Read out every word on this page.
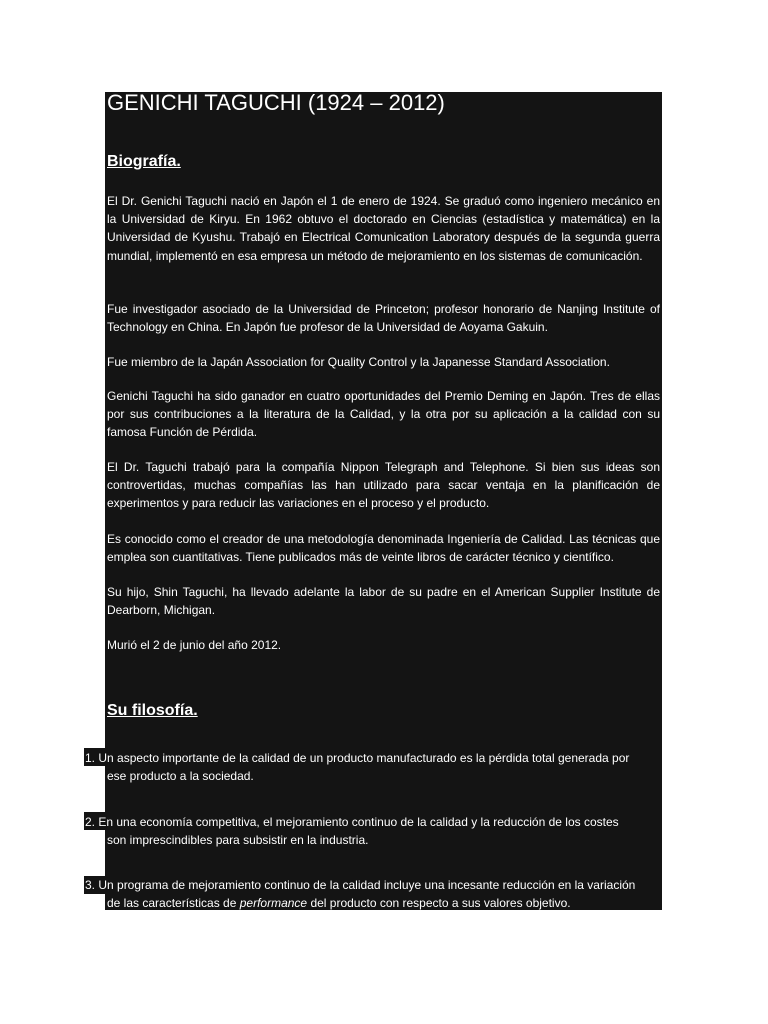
GENICHI TAGUCHI (1924 – 2012)
Biografía.

El Dr. Genichi Taguchi nació en Japón el 1 de enero de 1924. Se graduó como ingeniero mecánico en la Universidad de Kiryu. En 1962 obtuvo el doctorado en Ciencias (estadística y matemática) en la Universidad de Kyushu. Trabajó en Electrical Comunication Laboratory después de la segunda guerra mundial, implementó en esa empresa un método de mejoramiento en los sistemas de comunicación.

Fue investigador asociado de la Universidad de Princeton; profesor honorario de Nanjing Institute of Technology en China. En Japón fue profesor de la Universidad de Aoyama Gakuin.

Fue miembro de la Japán Association for Quality Control y la Japanesse Standard Association.

Genichi Taguchi ha sido ganador en cuatro oportunidades del Premio Deming en Japón. Tres de ellas por sus contribuciones a la literatura de la Calidad, y la otra por su aplicación a la calidad con su famosa Función de Pérdida.

El Dr. Taguchi trabajó para la compañía Nippon Telegraph and Telephone. Si bien sus ideas son controvertidas, muchas compañías las han utilizado para sacar ventaja en la planificación de experimentos y para reducir las variaciones en el proceso y el producto.

Es conocido como el creador de una metodología denominada Ingeniería de Calidad. Las técnicas que emplea son cuantitativas. Tiene publicados más de veinte libros de carácter técnico y científico.

Su hijo, Shin Taguchi, ha llevado adelante la labor de su padre en el American Supplier Institute de Dearborn, Michigan.

Murió el 2 de junio del año 2012.

Su filosofía.
1. Un aspecto importante de la calidad de un producto manufacturado es la pérdida total generada por
ese producto a la sociedad.
2. En una economía competitiva, el mejoramiento continuo de la calidad y la reducción de los costes
son imprescindibles para subsistir en la industria.
3. Un programa de mejoramiento continuo de la calidad incluye una incesante reducción en la variación
de las características de performance del producto con respecto a sus valores objetivo.
